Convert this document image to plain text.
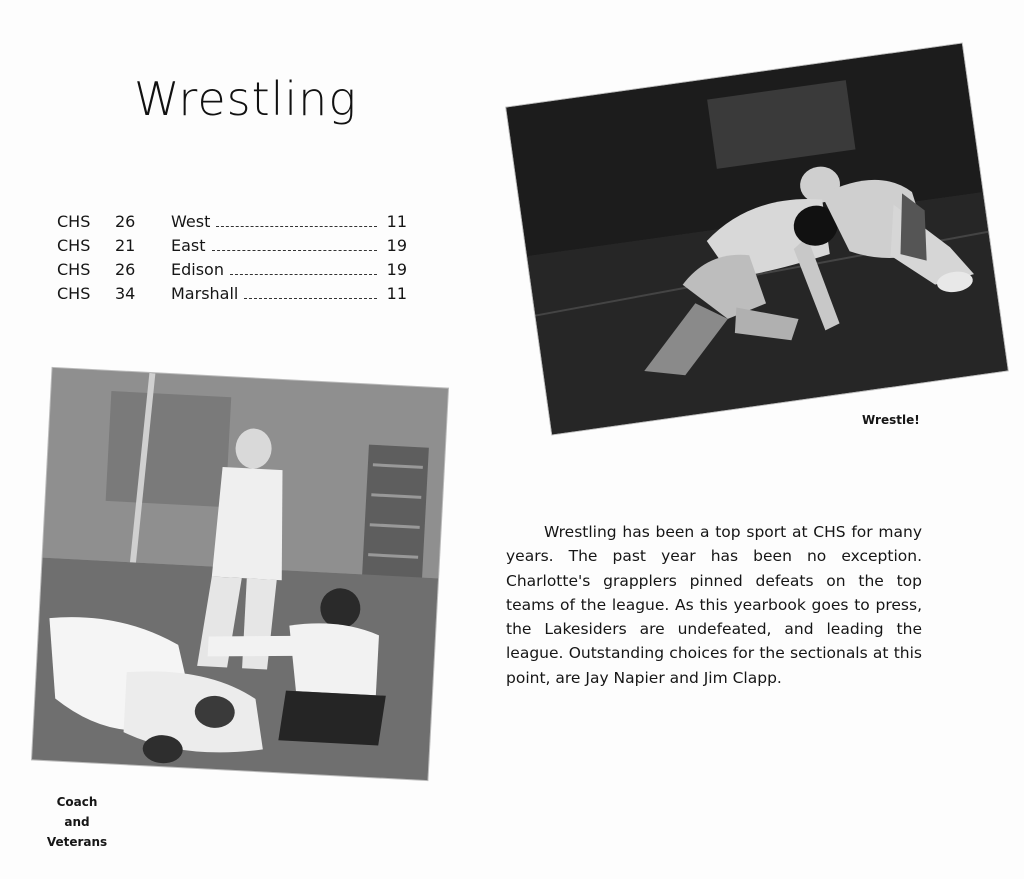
Wrestling
CHS	26	West	11
CHS	21	East	19
CHS	26	Edison	19
CHS	34	Marshall	11
Wrestle!
Coach
and
Veterans
Wrestling has been a top sport at CHS for many years. The past year has been no exception. Charlotte's grapplers pinned defeats on the top teams of the league. As this yearbook goes to press, the Lakesiders are undefeated, and leading the league. Outstanding choices for the sectionals at this point, are Jay Napier and Jim Clapp.
